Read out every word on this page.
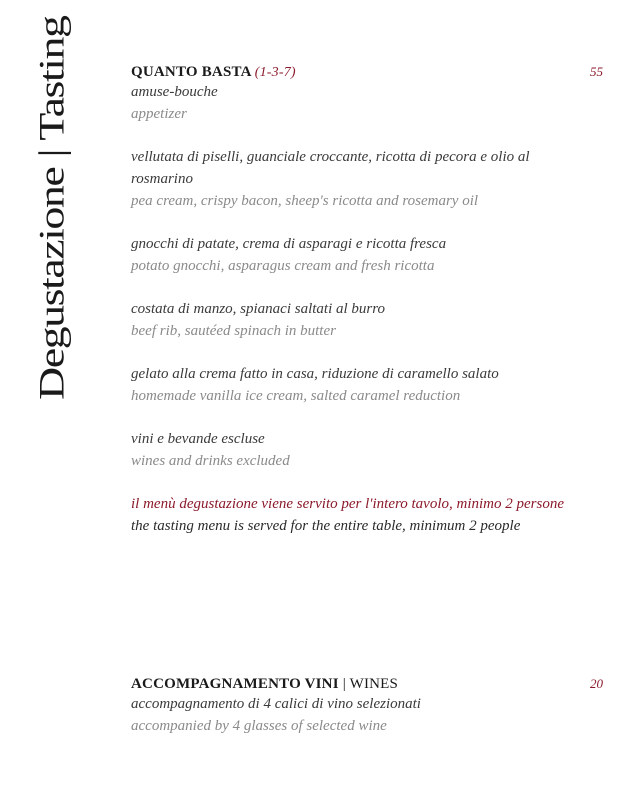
Degustazione | Tasting	QUANTO BASTA (1-3-7)	55
amuse-bouche
appetizer
vellutata di piselli, guanciale croccante, ricotta di pecora e olio al rosmarino
pea cream, crispy bacon, sheep's ricotta and rosemary oil
gnocchi di patate, crema di asparagi e ricotta fresca
potato gnocchi, asparagus cream and fresh ricotta
costata di manzo, spianaci saltati al burro
beef rib, sautéed spinach in butter
gelato alla crema fatto in casa, riduzione di caramello salato
homemade vanilla ice cream, salted caramel reduction
vini e bevande escluse
wines and drinks excluded
il menù degustazione viene servito per l'intero tavolo, minimo 2 persone
the tasting menu is served for the entire table, minimum 2 people
ACCOMPAGNAMENTO VINI | WINES	20
accompagnamento di 4 calici di vino selezionati
accompanied by 4 glasses of selected wine
